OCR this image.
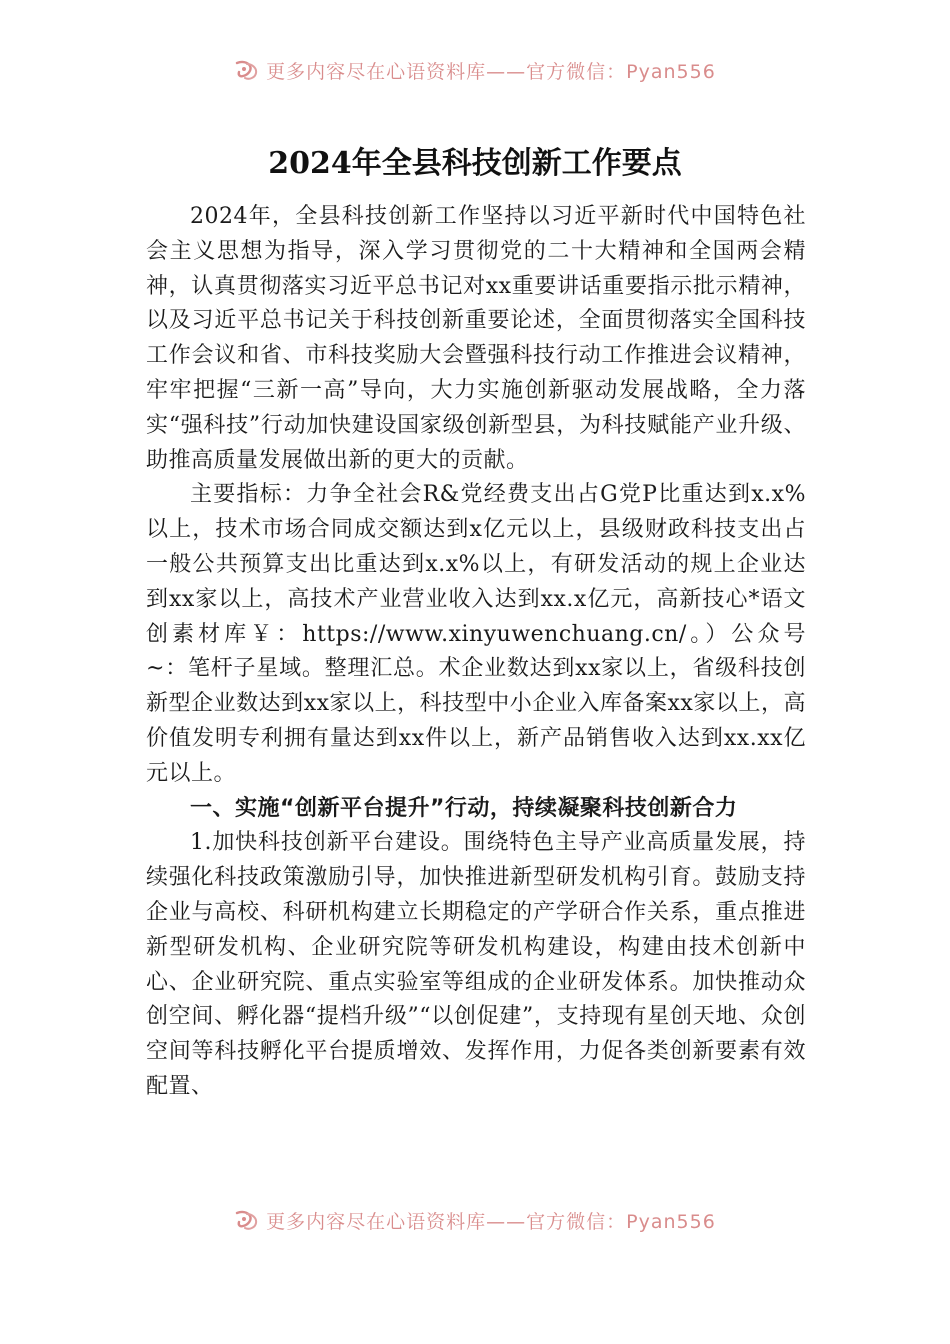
更多内容尽在心语资料库——官方微信：Pyan556
2024年全县科技创新工作要点

2024年，全县科技创新工作坚持以习近平新时代中国特色社会主义思想为指导，深入学习贯彻党的二十大精神和全国两会精神，认真贯彻落实习近平总书记对xx重要讲话重要指示批示精神，以及习近平总书记关于科技创新重要论述，全面贯彻落实全国科技工作会议和省、市科技奖励大会暨强科技行动工作推进会议精神，牢牢把握“三新一高”导向，大力实施创新驱动发展战略，全力落实“强科技”行动加快建设国家级创新型县，为科技赋能产业升级、助推高质量发展做出新的更大的贡献。

主要指标：力争全社会R&党经费支出占G党P比重达到x.x%以上，技术市场合同成交额达到x亿元以上，县级财政科技支出占一般公共预算支出比重达到x.x%以上，有研发活动的规上企业达到xx家以上，高技术产业营业收入达到xx.x亿元，高新技心*语文创素材库￥：https://www.xinyuwenchuang.cn/。）公众号~：笔杆子星域。整理汇总。术企业数达到xx家以上，省级科技创新型企业数达到xx家以上，科技型中小企业入库备案xx家以上，高价值发明专利拥有量达到xx件以上，新产品销售收入达到xx.xx亿元以上。

一、实施“创新平台提升”行动，持续凝聚科技创新合力

1.加快科技创新平台建设。围绕特色主导产业高质量发展，持续强化科技政策激励引导，加快推进新型研发机构引育。鼓励支持企业与高校、科研机构建立长期稳定的产学研合作关系，重点推进新型研发机构、企业研究院等研发机构建设，构建由技术创新中心、企业研究院、重点实验室等组成的企业研发体系。加快推动众创空间、孵化器“提档升级”“以创促建”，支持现有星创天地、众创空间等科技孵化平台提质增效、发挥作用，力促各类创新要素有效配置、

更多内容尽在心语资料库——官方微信：Pyan556
